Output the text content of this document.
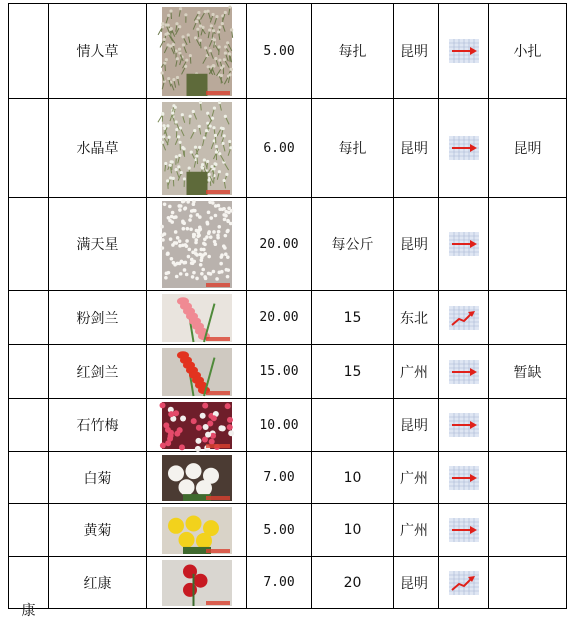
	情人草		5.00	每扎	昆明		小扎
	水晶草		6.00	每扎	昆明		昆明
	满天星		20.00	每公斤	昆明	

	粉剑兰		20.00	15	东北	

	红剑兰		15.00	15	广州		暂缺
	石竹梅		10.00		昆明	

	白菊		7.00	10	广州	

	黄菊		5.00	10	广州	

康	红康		7.00	20	昆明	
